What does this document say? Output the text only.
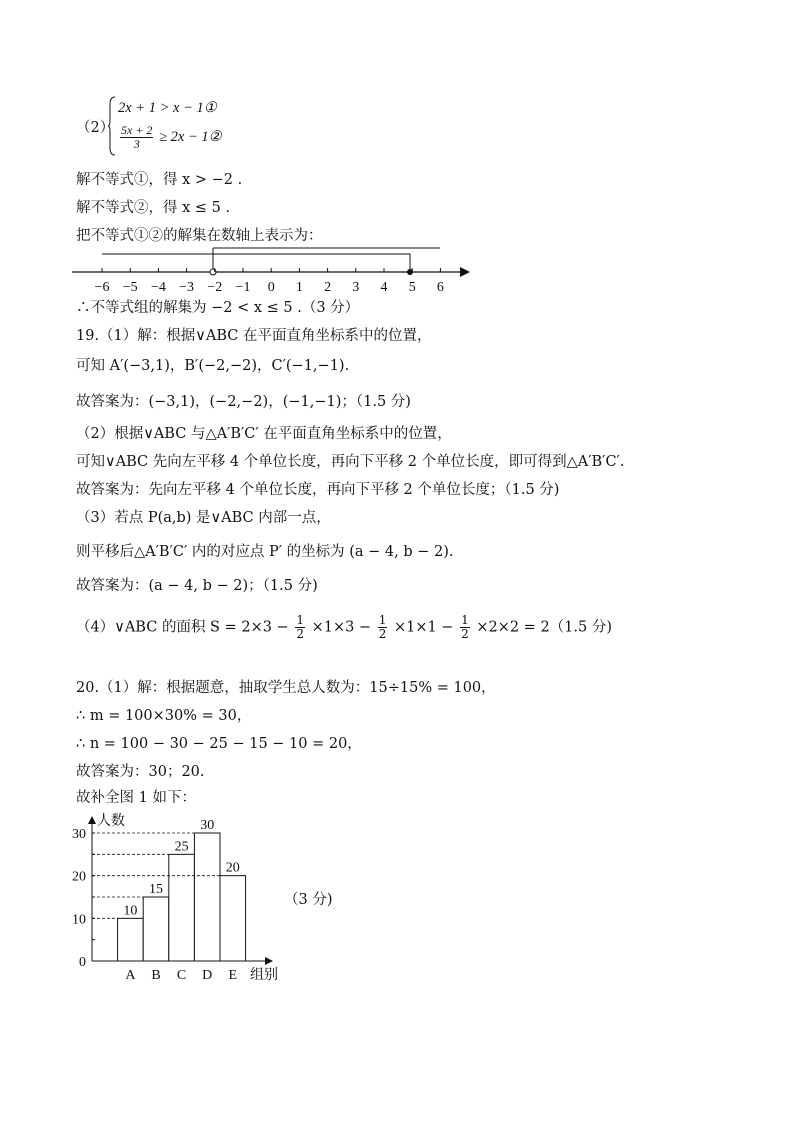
（2）
2x + 1 > x − 1①
$\frac{5x + 2}{3} \ge 2x$ − 1②
解不等式①，得 x > −2 .
解不等式②，得 x ≤ 5 .
把不等式①②的解集在数轴上表示为：
−6 −5 −4 −3 −2 −1 0 1 2 3 4 5 6
∴不等式组的解集为 −2 < x ≤ 5 .（3 分）
19.（1）解：根据∨ABC 在平面直角坐标系中的位置，
可知 A′(−3,1)，B′(−2,−2)，C′(−1,−1).
故答案为：(−3,1)，(−2,−2)，(−1,−1)；（1.5 分)
（2）根据∨ABC 与△A′B′C′ 在平面直角坐标系中的位置，
可知∨ABC 先向左平移 4 个单位长度，再向下平移 2 个单位长度，即可得到△A′B′C′.
故答案为：先向左平移 4 个单位长度，再向下平移 2 个单位长度；（1.5 分)
（3）若点 P(a,b) 是∨ABC 内部一点，
则平移后△A′B′C′ 内的对应点 P′ 的坐标为 (a − 4, b − 2).
故答案为：(a − 4, b − 2)；（1.5 分)
（4）∨ABC 的面积 $S = 2\times 3 - \frac{1}{2} \times 1\times 3 - \frac{1}{2} \times 1\times 1 - \frac{1}{2} \times 2\times 2 = 2(1.5$ 分)
20.（1）解：根据题意，抽取学生总人数为：15÷15% = 100，
∴ m = 100×30% = 30，
∴ n = 100 − 30 − 25 − 15 − 10 = 20，
故答案为：30；20.
故补全图 1 如下：
0
10
20
30
人数
10
A
15
B
25
C
30
D
20
E 组别
（3 分)
